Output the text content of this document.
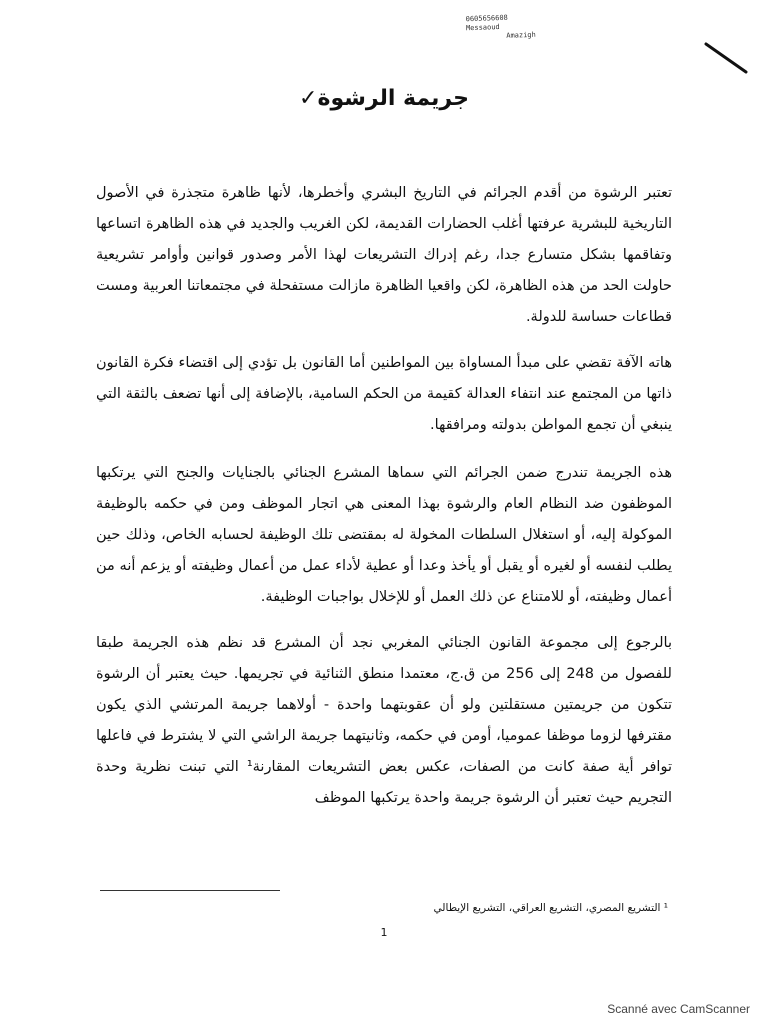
0605656608
Messaoud
Amazigh
جريمة الرشوة✓

تعتبر الرشوة من أقدم الجرائم في التاريخ البشري وأخطرها، لأنها ظاهرة متجذرة في الأصول التاريخية للبشرية عرفتها أغلب الحضارات القديمة، لكن الغريب والجديد في هذه الظاهرة اتساعها وتفاقمها بشكل متسارع جدا، رغم إدراك التشريعات لهذا الأمر وصدور قوانين وأوامر تشريعية حاولت الحد من هذه الظاهرة، لكن واقعيا الظاهرة مازالت مستفحلة في مجتمعاتنا العربية ومست قطاعات حساسة للدولة.

هاته الآفة تقضي على مبدأ المساواة بين المواطنين أما القانون بل تؤدي إلى اقتضاء فكرة القانون ذاتها من المجتمع عند انتفاء العدالة كقيمة من الحكم السامية، بالإضافة إلى أنها تضعف بالثقة التي ينبغي أن تجمع المواطن بدولته ومرافقها.

هذه الجريمة تندرج ضمن الجرائم التي سماها المشرع الجنائي بالجنايات والجنح التي يرتكبها الموظفون ضد النظام العام والرشوة بهذا المعنى هي اتجار الموظف ومن في حكمه بالوظيفة الموكولة إليه، أو استغلال السلطات المخولة له بمقتضى تلك الوظيفة لحسابه الخاص، وذلك حين يطلب لنفسه أو لغيره أو يقبل أو يأخذ وعدا أو عطية لأداء عمل من أعمال وظيفته أو يزعم أنه من أعمال وظيفته، أو للامتناع عن ذلك العمل أو للإخلال بواجبات الوظيفة.

بالرجوع إلى مجموعة القانون الجنائي المغربي نجد أن المشرع قد نظم هذه الجريمة طبقا للفصول من 248 إلى 256 من ق.ج، معتمدا منطق الثنائية في تجريمها. حيث يعتبر أن الرشوة تتكون من جريمتين مستقلتين ولو أن عقوبتهما واحدة - أولاهما جريمة المرتشي الذي يكون مقترفها لزوما موظفا عموميا، أومن في حكمه، وثانيتهما جريمة الراشي التي لا يشترط في فاعلها توافر أية صفة كانت من الصفات، عكس بعض التشريعات المقارنة¹ التي تبنت نظرية وحدة التجريم حيث تعتبر أن الرشوة جريمة واحدة يرتكبها الموظف

¹ التشريع المصري، التشريع العراقي، التشريع الإيطالي
1
Scanné avec CamScanner
